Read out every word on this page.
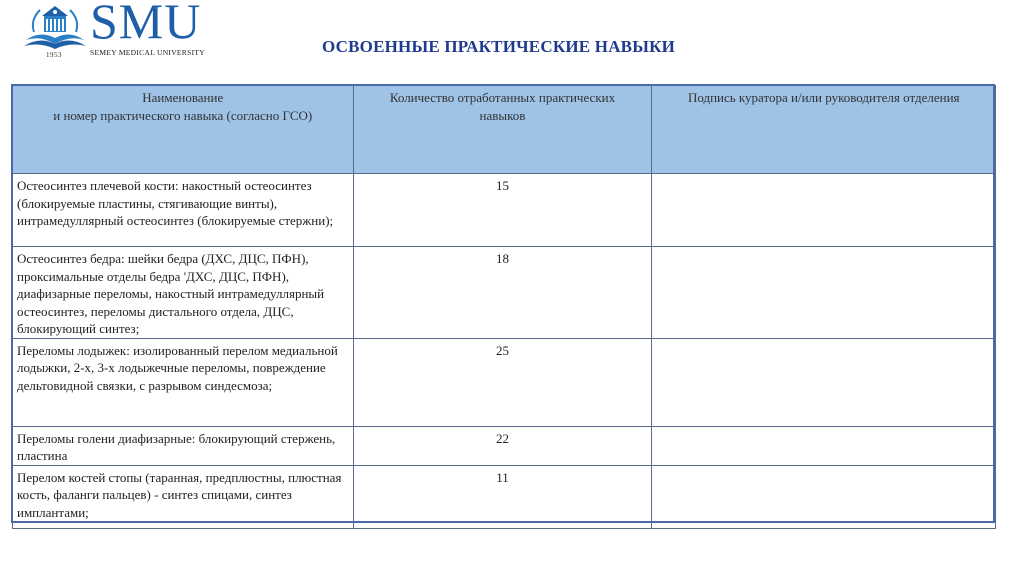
1953
SMU
SEMEY MEDICAL UNIVERSITY	ОСВОЕННЫЕ ПРАКТИЧЕСКИЕ НАВЫКИ
Наименование
и номер практического навыка (согласно ГСО)	Количество отработанных практических навыков	Подпись куратора и/или руководителя отделения
Остеосинтез плечевой кости: накостный остеосинтез (блокируемые пластины, стягивающие винты), интрамедуллярный остеосинтез (блокируемые стержни);	15	
Остеосинтез бедра: шейки бедра (ДХС, ДЦС, ПФН), проксимальные отделы бедра 'ДХС, ДЦС, ПФН), диафизарные переломы, накостный интрамедуллярный остеосинтез, переломы дистального отдела, ДЦС, блокирующий синтез;	18	
Переломы лодыжек: изолированный перелом медиальной лодыжки, 2-х, 3-х лодыжечные переломы, повреждение дельтовидной связки, с разрывом синдесмоза;	25	
Переломы голени диафизарные: блокирующий стержень, пластина	22	
Перелом костей стопы (таранная, предплюстны, плюстная кость, фаланги пальцев) - синтез спицами, синтез имплантами;	11	
